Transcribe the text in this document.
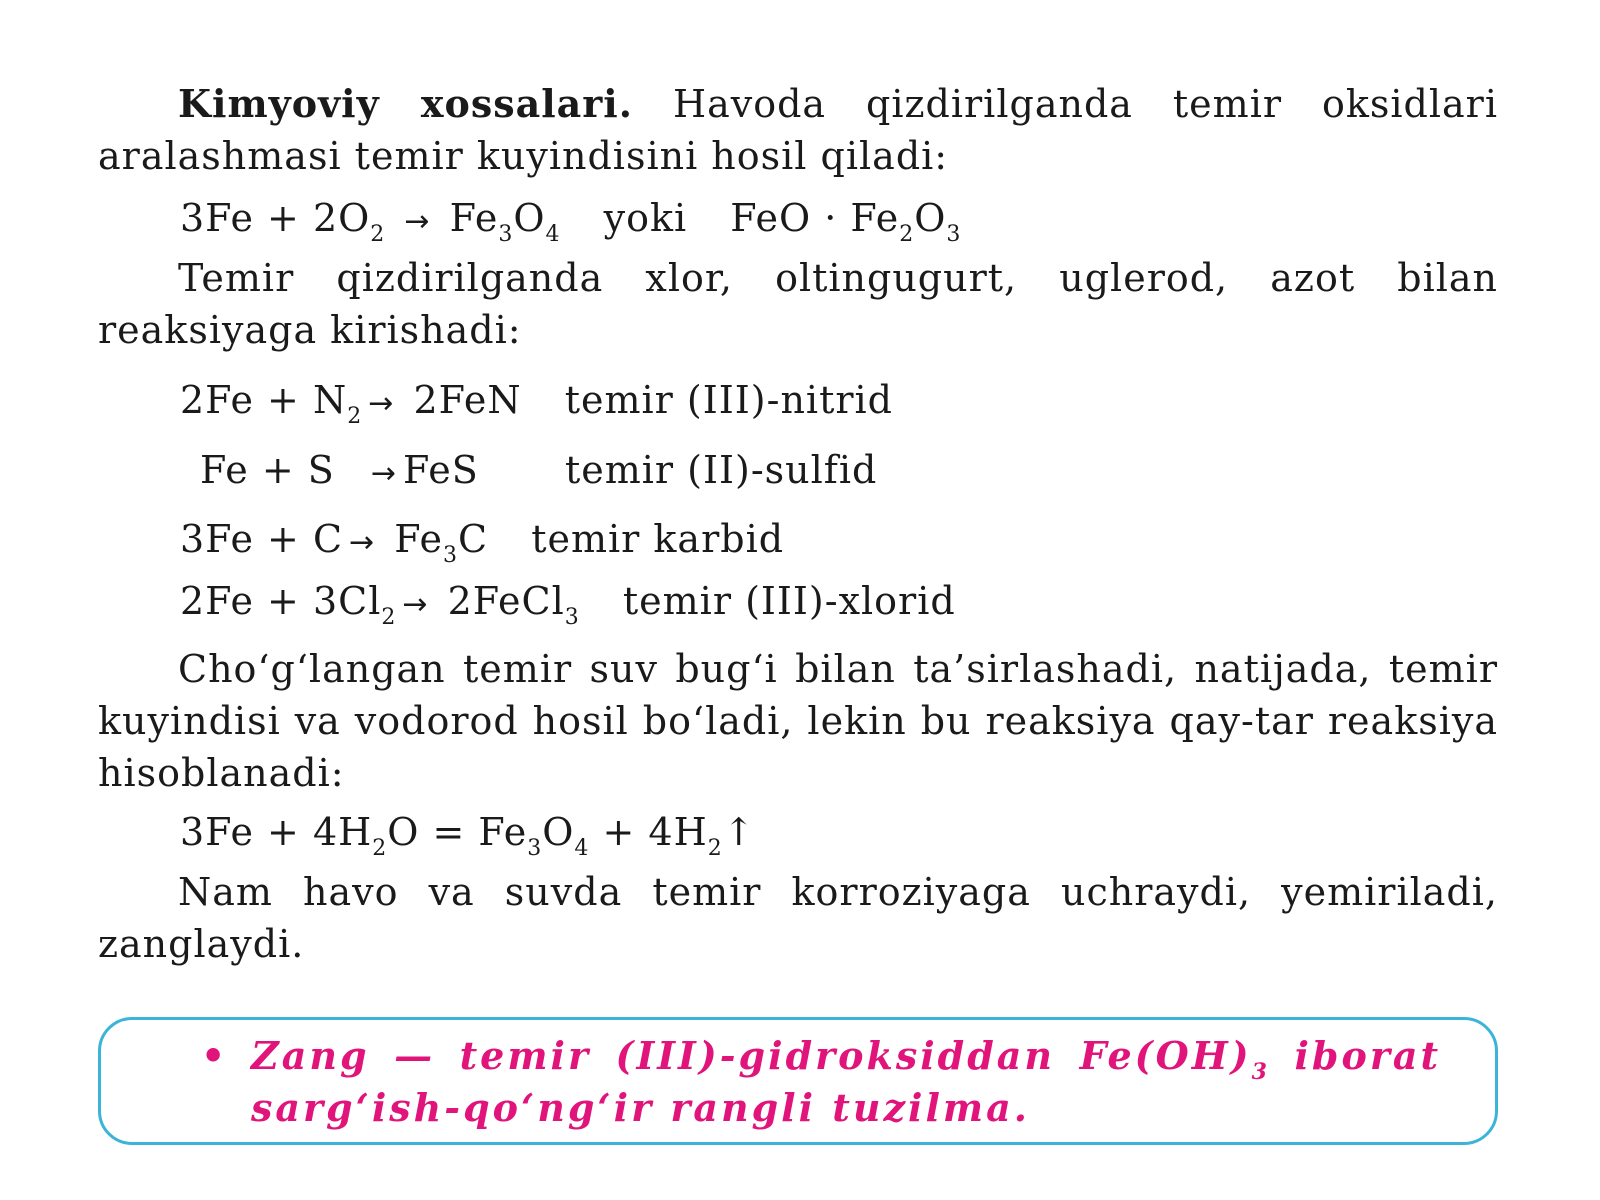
Kimyoviy xossalari. Havoda qizdirilganda temir oksidlari aralashmasi temir kuyindisini hosil qiladi:
$3Fe + 2O_2 \to Fe_3O_4$ yoki FeO · $Fe_2O_3$
Temir qizdirilganda xlor, oltingugurt, uglerod, azot bilan reaksiyaga kirishadi:
$2Fe + N_2 \to 2FeN$ temir (III)-nitrid
Fe + S → FeS temir (II)-sulfid
$3Fe + C \to Fe_3C$ temir karbid
$2Fe + 3Cl_2$ → 2FeCl$_3$ temir (III)-xlorid
Cho‘g‘langan temir suv bug‘i bilan ta’sirlashadi, natijada, temir kuyindisi va vodorod hosil bo‘ladi, lekin bu reaksiya qay-tar reaksiya hisoblanadi:
$3Fe + 4H_2O = Fe_3O_4$ + $4H_2↑$
Nam havo va suvda temir korroziyaga uchraydi, yemiriladi, zanglaydi.
• Zang — temir (III)-gidroksiddan $Fe(OH)_3$ iborat sarg‘ish-qo‘ng‘ir rangli tuzilma.
